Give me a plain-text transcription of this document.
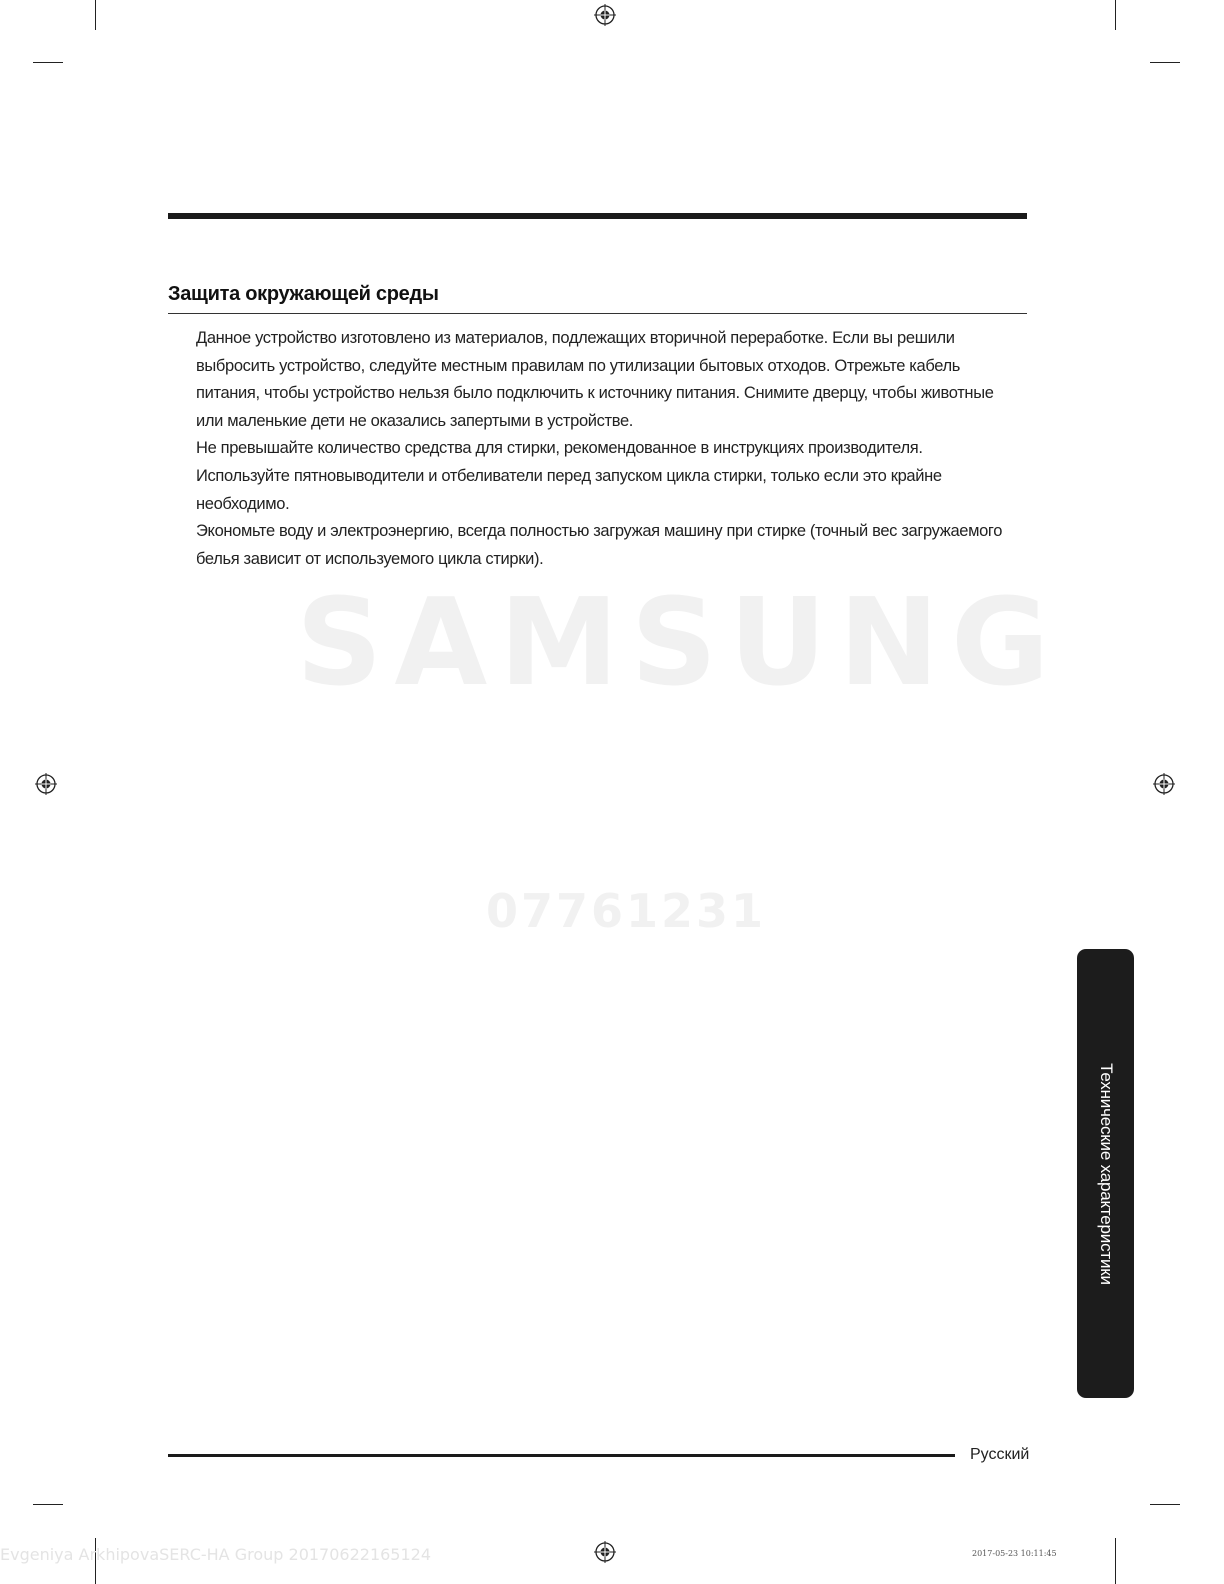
SAMSUNG
07761231
Защита окружающей среды

Данное устройство изготовлено из материалов, подлежащих вторичной переработке. Если вы решили

выбросить устройство, следуйте местным правилам по утилизации бытовых отходов. Отрежьте кабель

питания, чтобы устройство нельзя было подключить к источнику питания. Снимите дверцу, чтобы животные

или маленькие дети не оказались запертыми в устройстве.

Не превышайте количество средства для стирки, рекомендованное в инструкциях производителя.

Используйте пятновыводители и отбеливатели перед запуском цикла стирки, только если это крайне

необходимо.

Экономьте воду и электроэнергию, всегда полностью загружая машину при стирке (точный вес загружаемого

белья зависит от используемого цикла стирки).

Технические характеристики
Русский
Evgeniya ArkhipovaSERC-HA Group 20170622165124	2017-05-23 10:11:45
